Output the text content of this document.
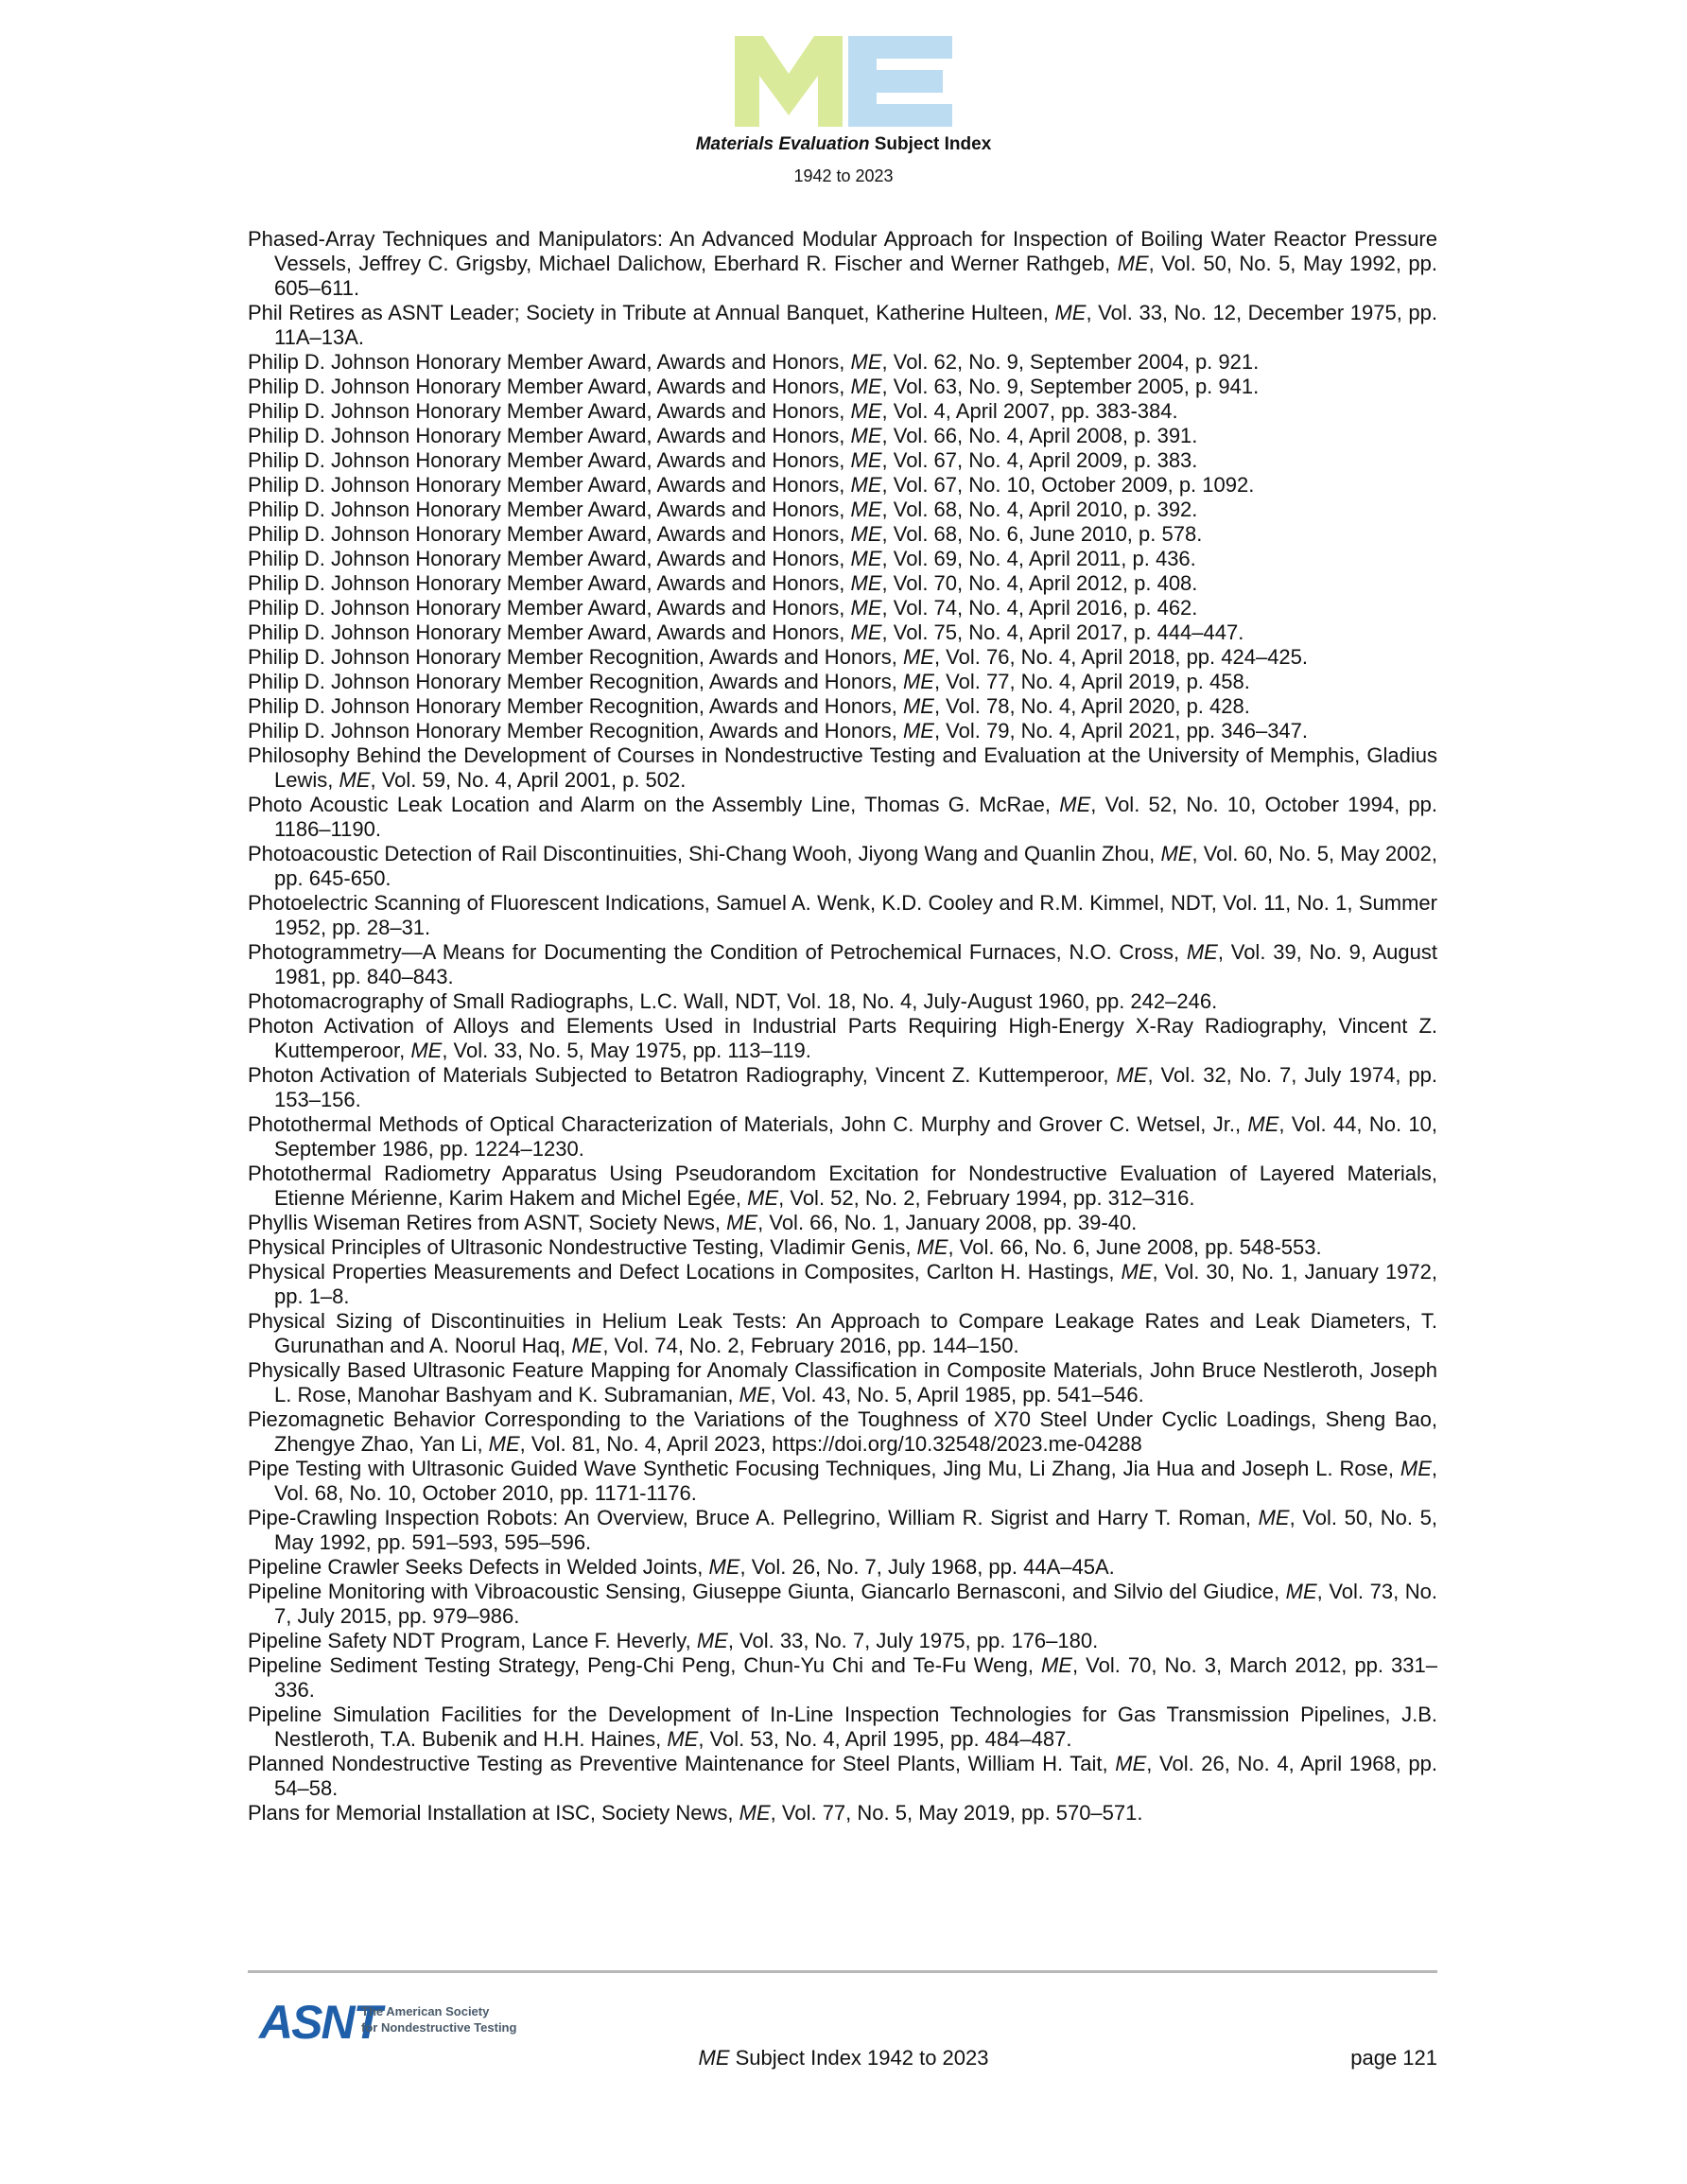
Materials Evaluation Subject Index
1942 to 2023
Phased-Array Techniques and Manipulators: An Advanced Modular Approach for Inspection of Boiling Water Reactor Pressure Vessels, Jeffrey C. Grigsby, Michael Dalichow, Eberhard R. Fischer and Werner Rathgeb, ME, Vol. 50, No. 5, May 1992, pp. 605–611.
Phil Retires as ASNT Leader; Society in Tribute at Annual Banquet, Katherine Hulteen, ME, Vol. 33, No. 12, December 1975, pp. 11A–13A.
Philip D. Johnson Honorary Member Award, Awards and Honors, ME, Vol. 62, No. 9, September 2004, p. 921.
Philip D. Johnson Honorary Member Award, Awards and Honors, ME, Vol. 63, No. 9, September 2005, p. 941.
Philip D. Johnson Honorary Member Award, Awards and Honors, ME, Vol. 4, April 2007, pp. 383-384.
Philip D. Johnson Honorary Member Award, Awards and Honors, ME, Vol. 66, No. 4, April 2008, p. 391.
Philip D. Johnson Honorary Member Award, Awards and Honors, ME, Vol. 67, No. 4, April 2009, p. 383.
Philip D. Johnson Honorary Member Award, Awards and Honors, ME, Vol. 67, No. 10, October 2009, p. 1092.
Philip D. Johnson Honorary Member Award, Awards and Honors, ME, Vol. 68, No. 4, April 2010, p. 392.
Philip D. Johnson Honorary Member Award, Awards and Honors, ME, Vol. 68, No. 6, June 2010, p. 578.
Philip D. Johnson Honorary Member Award, Awards and Honors, ME, Vol. 69, No. 4, April 2011, p. 436.
Philip D. Johnson Honorary Member Award, Awards and Honors, ME, Vol. 70, No. 4, April 2012, p. 408.
Philip D. Johnson Honorary Member Award, Awards and Honors, ME, Vol. 74, No. 4, April 2016, p. 462.
Philip D. Johnson Honorary Member Award, Awards and Honors, ME, Vol. 75, No. 4, April 2017, p. 444–447.
Philip D. Johnson Honorary Member Recognition, Awards and Honors, ME, Vol. 76, No. 4, April 2018, pp. 424–425.
Philip D. Johnson Honorary Member Recognition, Awards and Honors, ME, Vol. 77, No. 4, April 2019, p. 458.
Philip D. Johnson Honorary Member Recognition, Awards and Honors, ME, Vol. 78, No. 4, April 2020, p. 428.
Philip D. Johnson Honorary Member Recognition, Awards and Honors, ME, Vol. 79, No. 4, April 2021, pp. 346–347.
Philosophy Behind the Development of Courses in Nondestructive Testing and Evaluation at the University of Memphis, Gladius Lewis, ME, Vol. 59, No. 4, April 2001, p. 502.
Photo Acoustic Leak Location and Alarm on the Assembly Line, Thomas G. McRae, ME, Vol. 52, No. 10, October 1994, pp. 1186–1190.
Photoacoustic Detection of Rail Discontinuities, Shi-Chang Wooh, Jiyong Wang and Quanlin Zhou, ME, Vol. 60, No. 5, May 2002, pp. 645-650.
Photoelectric Scanning of Fluorescent Indications, Samuel A. Wenk, K.D. Cooley and R.M. Kimmel, NDT, Vol. 11, No. 1, Summer 1952, pp. 28–31.
Photogrammetry—A Means for Documenting the Condition of Petrochemical Furnaces, N.O. Cross, ME, Vol. 39, No. 9, August 1981, pp. 840–843.
Photomacrography of Small Radiographs, L.C. Wall, NDT, Vol. 18, No. 4, July-August 1960, pp. 242–246.
Photon Activation of Alloys and Elements Used in Industrial Parts Requiring High-Energy X-Ray Radiography, Vincent Z. Kuttemperoor, ME, Vol. 33, No. 5, May 1975, pp. 113–119.
Photon Activation of Materials Subjected to Betatron Radiography, Vincent Z. Kuttemperoor, ME, Vol. 32, No. 7, July 1974, pp. 153–156.
Photothermal Methods of Optical Characterization of Materials, John C. Murphy and Grover C. Wetsel, Jr., ME, Vol. 44, No. 10, September 1986, pp. 1224–1230.
Photothermal Radiometry Apparatus Using Pseudorandom Excitation for Nondestructive Evaluation of Layered Materials, Etienne Mérienne, Karim Hakem and Michel Egée, ME, Vol. 52, No. 2, February 1994, pp. 312–316.
Phyllis Wiseman Retires from ASNT, Society News, ME, Vol. 66, No. 1, January 2008, pp. 39-40.
Physical Principles of Ultrasonic Nondestructive Testing, Vladimir Genis, ME, Vol. 66, No. 6, June 2008, pp. 548-553.
Physical Properties Measurements and Defect Locations in Composites, Carlton H. Hastings, ME, Vol. 30, No. 1, January 1972, pp. 1–8.
Physical Sizing of Discontinuities in Helium Leak Tests: An Approach to Compare Leakage Rates and Leak Diameters, T. Gurunathan and A. Noorul Haq, ME, Vol. 74, No. 2, February 2016, pp. 144–150.
Physically Based Ultrasonic Feature Mapping for Anomaly Classification in Composite Materials, John Bruce Nestleroth, Joseph L. Rose, Manohar Bashyam and K. Subramanian, ME, Vol. 43, No. 5, April 1985, pp. 541–546.
Piezomagnetic Behavior Corresponding to the Variations of the Toughness of X70 Steel Under Cyclic Loadings, Sheng Bao, Zhengye Zhao, Yan Li, ME, Vol. 81, No. 4, April 2023, https://doi.org/10.32548/2023.me-04288
Pipe Testing with Ultrasonic Guided Wave Synthetic Focusing Techniques, Jing Mu, Li Zhang, Jia Hua and Joseph L. Rose, ME, Vol. 68, No. 10, October 2010, pp. 1171-1176.
Pipe-Crawling Inspection Robots: An Overview, Bruce A. Pellegrino, William R. Sigrist and Harry T. Roman, ME, Vol. 50, No. 5, May 1992, pp. 591–593, 595–596.
Pipeline Crawler Seeks Defects in Welded Joints, ME, Vol. 26, No. 7, July 1968, pp. 44A–45A.
Pipeline Monitoring with Vibroacoustic Sensing, Giuseppe Giunta, Giancarlo Bernasconi, and Silvio del Giudice, ME, Vol. 73, No. 7, July 2015, pp. 979–986.
Pipeline Safety NDT Program, Lance F. Heverly, ME, Vol. 33, No. 7, July 1975, pp. 176–180.
Pipeline Sediment Testing Strategy, Peng-Chi Peng, Chun-Yu Chi and Te-Fu Weng, ME, Vol. 70, No. 3, March 2012, pp. 331–336.
Pipeline Simulation Facilities for the Development of In-Line Inspection Technologies for Gas Transmission Pipelines, J.B. Nestleroth, T.A. Bubenik and H.H. Haines, ME, Vol. 53, No. 4, April 1995, pp. 484–487.
Planned Nondestructive Testing as Preventive Maintenance for Steel Plants, William H. Tait, ME, Vol. 26, No. 4, April 1968, pp. 54–58.
Plans for Memorial Installation at ISC, Society News, ME, Vol. 77, No. 5, May 2019, pp. 570–571.
ASNT
The American Society
for Nondestructive Testing
ME Subject Index 1942 to 2023	page 121
